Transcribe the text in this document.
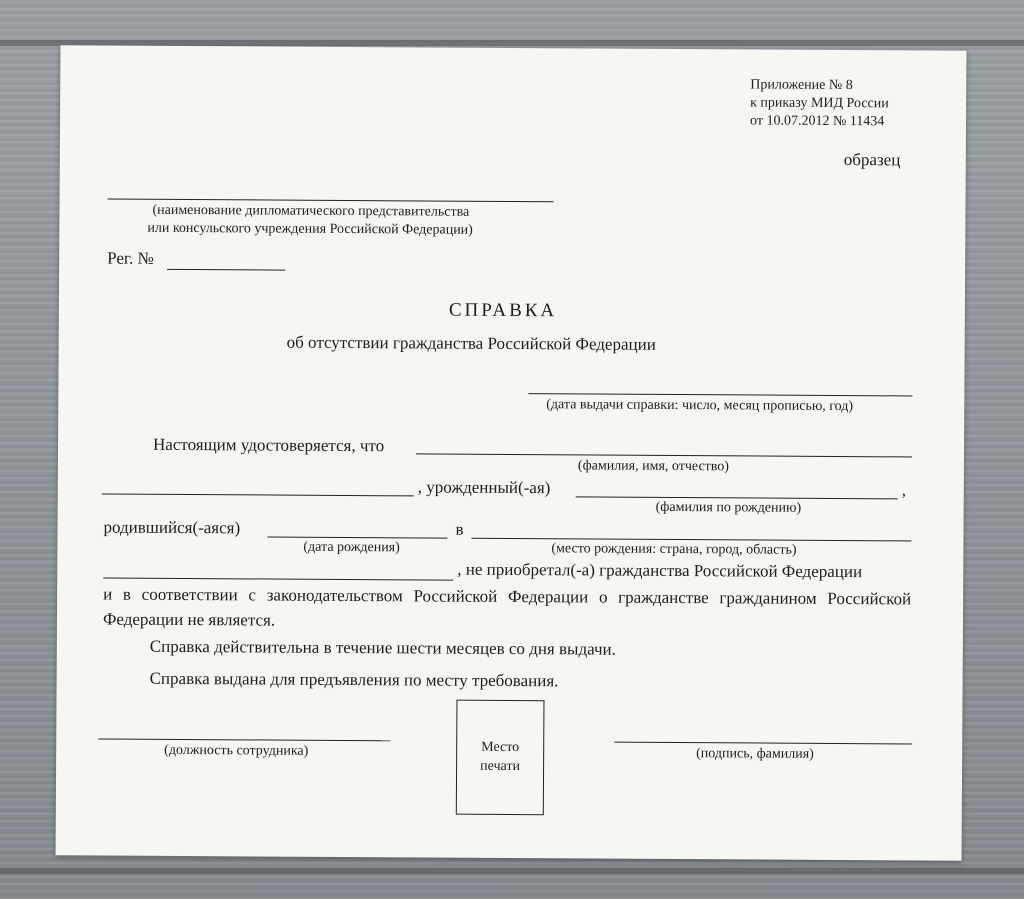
Приложение № 8
к приказу МИД России
от 10.07.2012 № 11434
образец
(наименование дипломатического представительства
или консульского учреждения Российской Федерации)
Рег. №
СПРАВКА
об отсутствии гражданства Российской Федерации
(дата выдачи справки: число, месяц прописью, год)
Настоящим удостоверяется, что
(фамилия, имя, отчество)
, урожденный(-ая)	,
(фамилия по рождению)
родившийся(-аяся)	в
(дата рождения)	(место рождения: страна, город, область)
, не приобретал(-а) гражданства Российской Федерации
и в соответствии с законодательством Российской Федерации о гражданстве гражданином Российской Федерации не является.
Справка действительна в течение шести месяцев со дня выдачи.
Справка выдана для предъявления по месту требования.
(должность сотрудника)	Место
печати
(подпись, фамилия)
